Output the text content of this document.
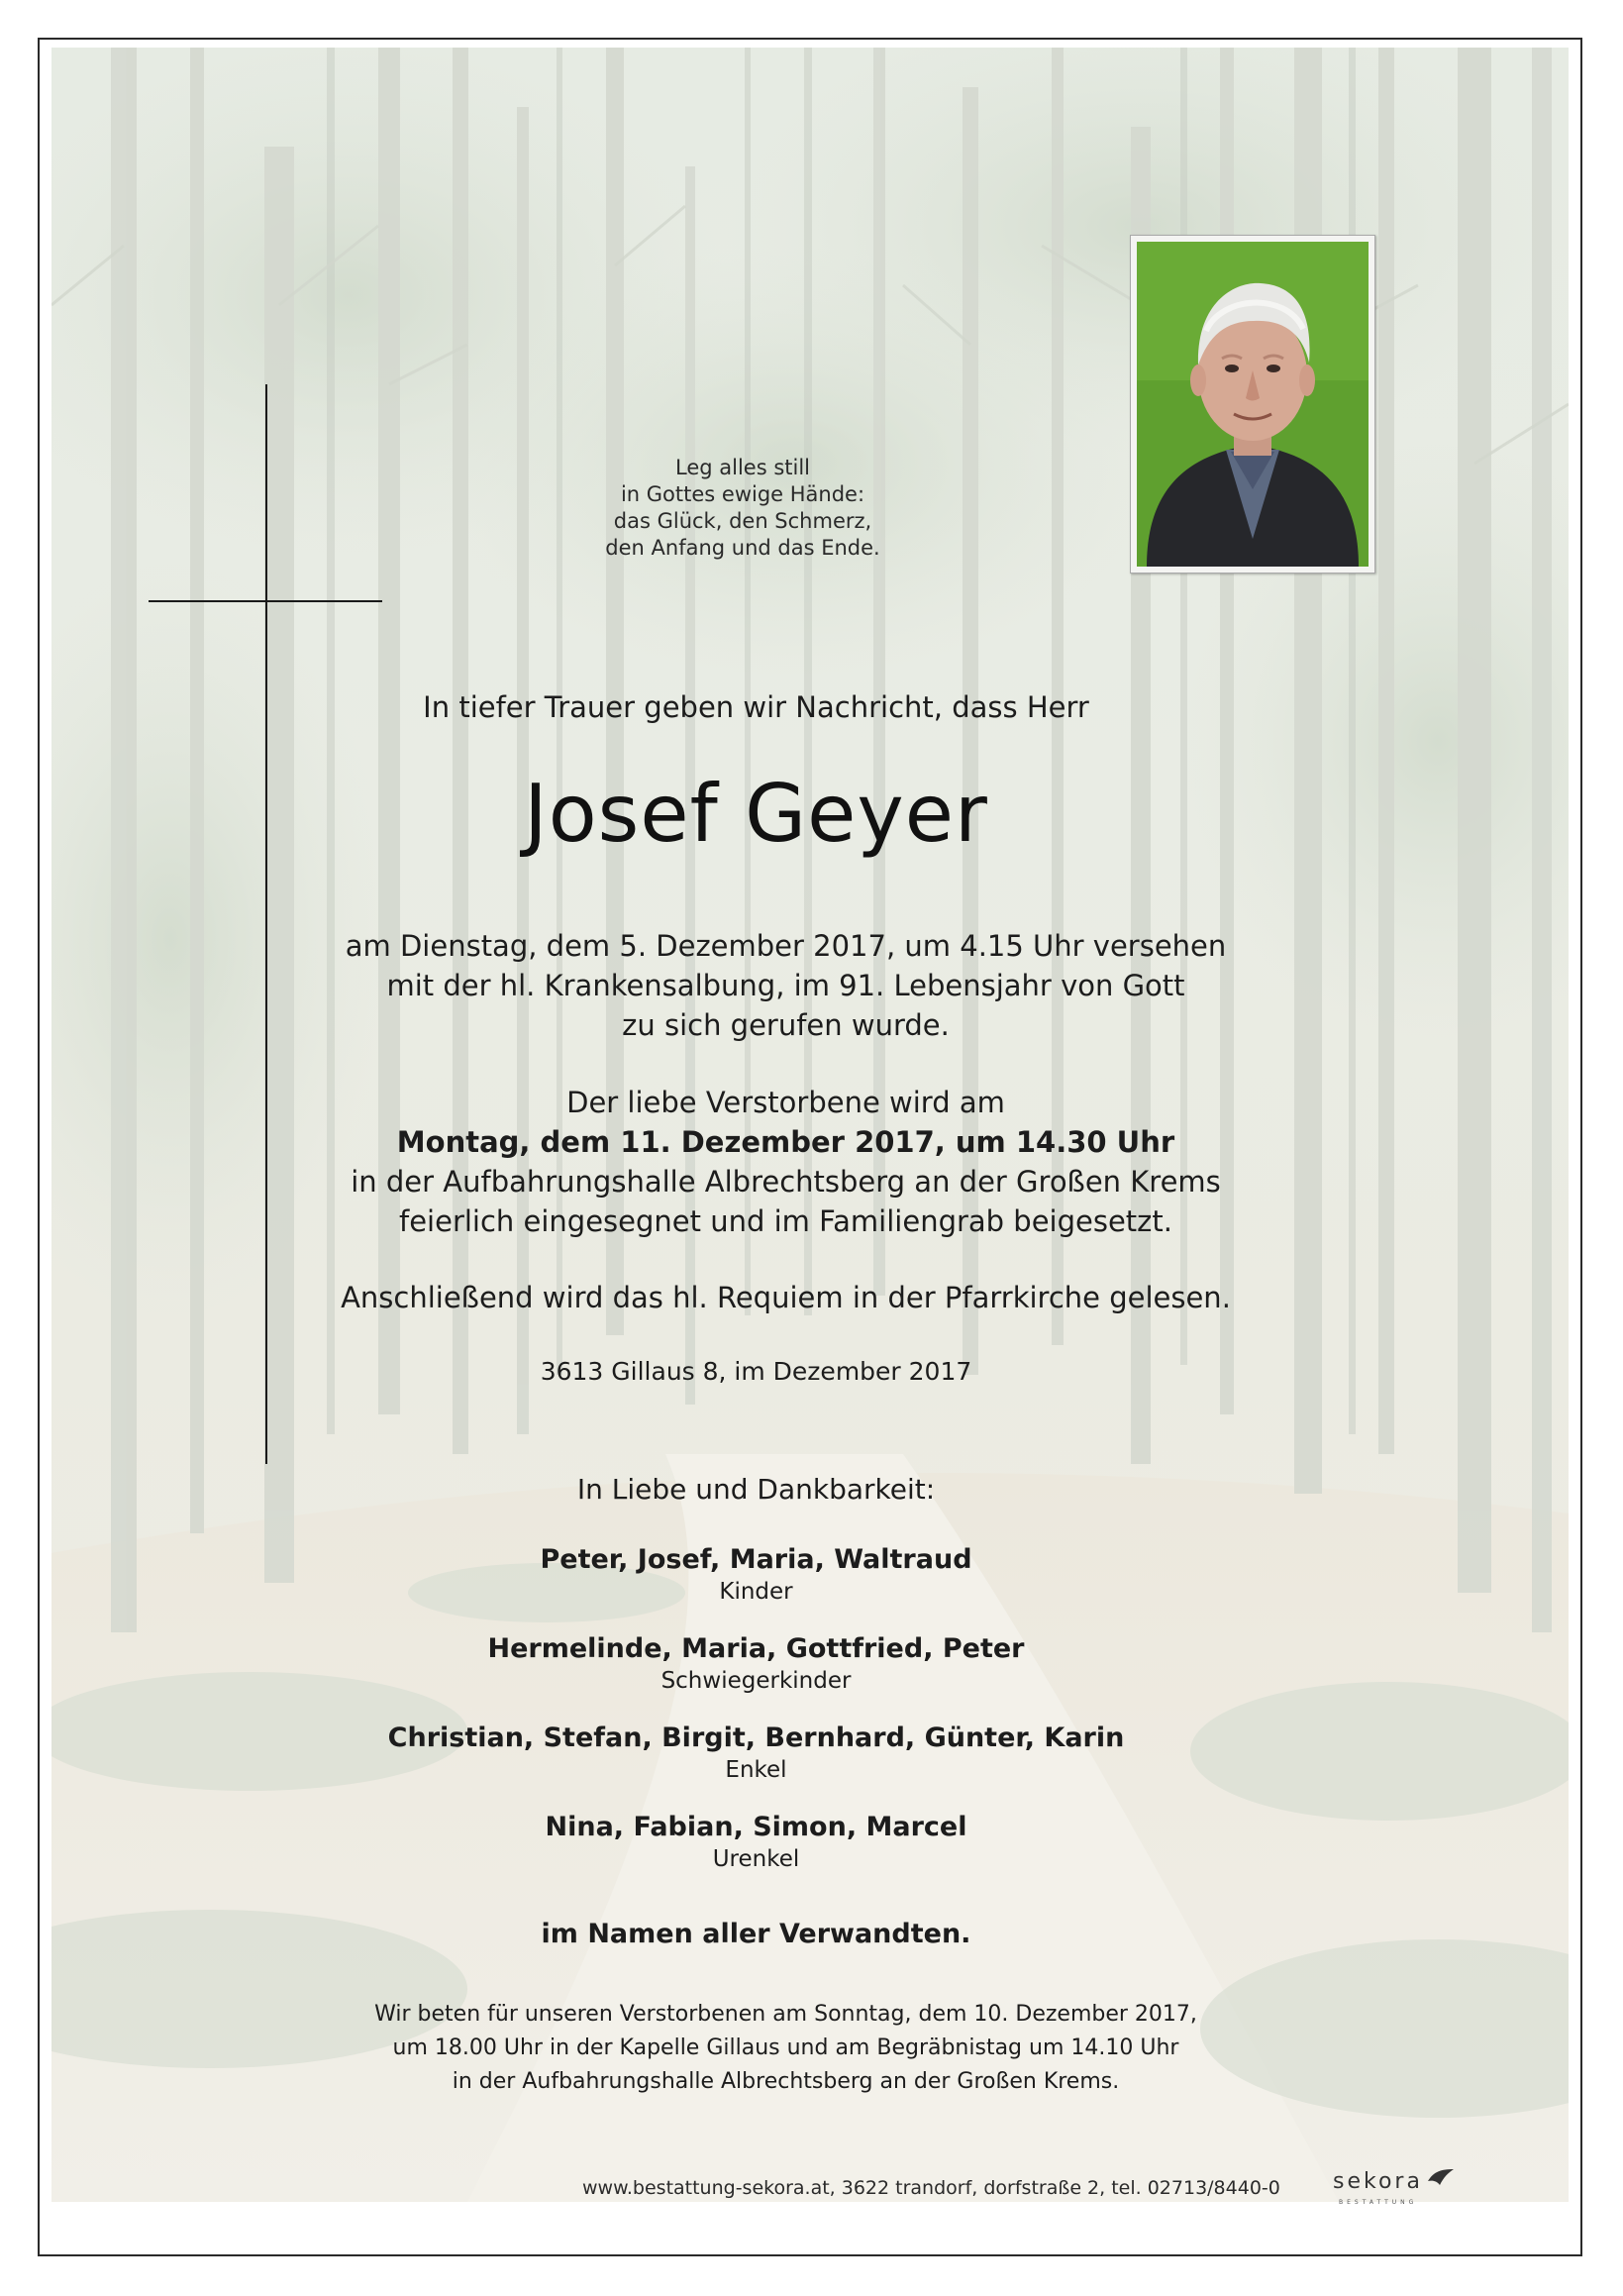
Leg alles still
in Gottes ewige Hände:
das Glück, den Schmerz,
den Anfang und das Ende.
In tiefer Trauer geben wir Nachricht, dass Herr
Josef Geyer
am Dienstag, dem 5. Dezember 2017, um 4.15 Uhr versehen
mit der hl. Krankensalbung, im 91. Lebensjahr von Gott
zu sich gerufen wurde.
Der liebe Verstorbene wird am
Montag, dem 11. Dezember 2017, um 14.30 Uhr
in der Aufbahrungshalle Albrechtsberg an der Großen Krems
feierlich eingesegnet und im Familiengrab beigesetzt.
Anschließend wird das hl. Requiem in der Pfarrkirche gelesen.
3613 Gillaus 8, im Dezember 2017
In Liebe und Dankbarkeit:
Peter, Josef, Maria, Waltraud
Kinder
Hermelinde, Maria, Gottfried, Peter
Schwiegerkinder
Christian, Stefan, Birgit, Bernhard, Günter, Karin
Enkel
Nina, Fabian, Simon, Marcel
Urenkel
im Namen aller Verwandten.
Wir beten für unseren Verstorbenen am Sonntag, dem 10. Dezember 2017,
um 18.00 Uhr in der Kapelle Gillaus und am Begräbnistag um 14.10 Uhr
in der Aufbahrungshalle Albrechtsberg an der Großen Krems.
www.bestattung-sekora.at, 3622 trandorf, dorfstraße 2, tel. 02713/8440-0 sekora
BESTATTUNG
